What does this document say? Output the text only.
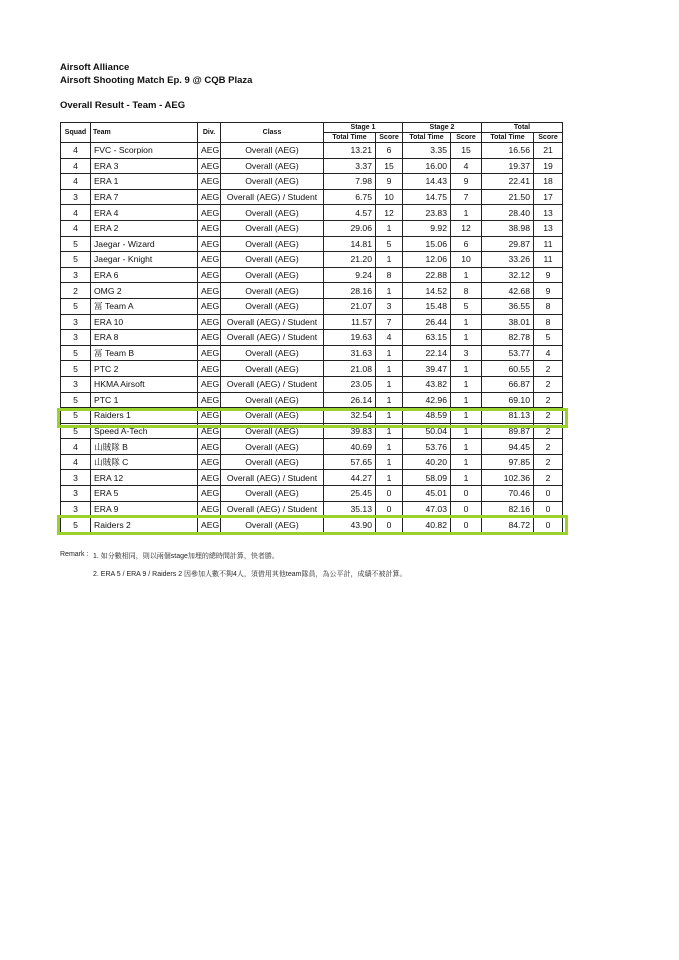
Airsoft Alliance
Airsoft Shooting Match Ep. 9 @ CQB Plaza
Overall Result - Team - AEG
Squad	Team	Div.	Class	Stage 1		Stage 2		Total	
				Total Time	Score	Total Time	Score	Total Time	Score
4	FVC - Scorpion	AEG	Overall (AEG)	13.21	6	3.35	15	16.56	21
4	ERA 3	AEG	Overall (AEG)	3.37	15	16.00	4	19.37	19
4	ERA 1	AEG	Overall (AEG)	7.98	9	14.43	9	22.41	18
3	ERA 7	AEG	Overall (AEG) / Student	6.75	10	14.75	7	21.50	17
4	ERA 4	AEG	Overall (AEG)	4.57	12	23.83	1	28.40	13
4	ERA 2	AEG	Overall (AEG)	29.06	1	9.92	12	38.98	13
5	Jaegar - Wizard	AEG	Overall (AEG)	14.81	5	15.06	6	29.87	11
5	Jaegar - Knight	AEG	Overall (AEG)	21.20	1	12.06	10	33.26	11
3	ERA 6	AEG	Overall (AEG)	9.24	8	22.88	1	32.12	9
2	OMG 2	AEG	Overall (AEG)	28.16	1	14.52	8	42.68	9
5	冨 Team A	AEG	Overall (AEG)	21.07	3	15.48	5	36.55	8
3	ERA 10	AEG	Overall (AEG) / Student	11.57	7	26.44	1	38.01	8
3	ERA 8	AEG	Overall (AEG) / Student	19.63	4	63.15	1	82.78	5
5	冨 Team B	AEG	Overall (AEG)	31.63	1	22.14	3	53.77	4
5	PTC 2	AEG	Overall (AEG)	21.08	1	39.47	1	60.55	2
3	HKMA Airsoft	AEG	Overall (AEG) / Student	23.05	1	43.82	1	66.87	2
5	PTC 1	AEG	Overall (AEG)	26.14	1	42.96	1	69.10	2
5	Raiders 1	AEG	Overall (AEG)	32.54	1	48.59	1	81.13	2
5	Speed A-Tech	AEG	Overall (AEG)	39.83	1	50.04	1	89.87	2
4	山賊隊 B	AEG	Overall (AEG)	40.69	1	53.76	1	94.45	2
4	山賊隊 C	AEG	Overall (AEG)	57.65	1	40.20	1	97.85	2
3	ERA 12	AEG	Overall (AEG) / Student	44.27	1	58.09	1	102.36	2
3	ERA 5	AEG	Overall (AEG)	25.45	0	45.01	0	70.46	0
3	ERA 9	AEG	Overall (AEG) / Student	35.13	0	47.03	0	82.16	0
5	Raiders 2	AEG	Overall (AEG)	43.90	0	40.82	0	84.72	0
Remark : 1. 如分數相同，則以兩個stage加埋的總時間計算，快者勝。
2. ERA 5 / ERA 9 / Raiders 2 因參加人數不夠4人，須借用其他team隊員，為公平計，成績不被計算。
